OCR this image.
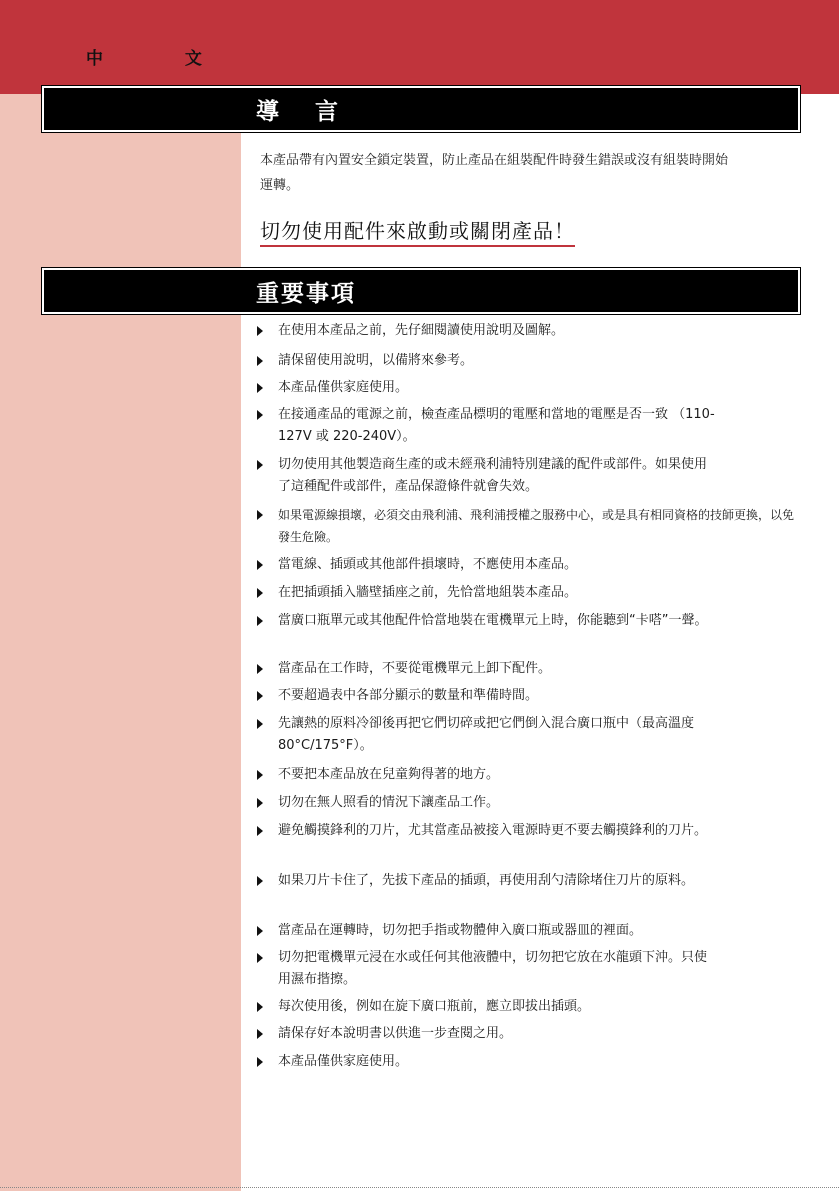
中 文
導 言

本產品帶有內置安全鎖定裝置，防止產品在組裝配件時發生錯誤或沒有組裝時開始運轉。

切勿使用配件來啟動或關閉產品！
重要事項
在使用本產品之前，先仔細閱讀使用說明及圖解。
請保留使用說明，以備將來參考。
本產品僅供家庭使用。
在接通產品的電源之前，檢查產品標明的電壓和當地的電壓是否一致 （110-127V 或 220-240V）。
切勿使用其他製造商生產的或未經飛利浦特別建議的配件或部件。如果使用了這種配件或部件，產品保證條件就會失效。
如果電源線損壞，必須交由飛利浦、飛利浦授權之服務中心，或是具有相同資格的技師更換，以免發生危險。
當電線、插頭或其他部件損壞時，不應使用本產品。
在把插頭插入牆壁插座之前，先恰當地組裝本產品。
當廣口瓶單元或其他配件恰當地裝在電機單元上時，你能聽到“卡嗒”一聲。
當產品在工作時，不要從電機單元上卸下配件。
不要超過表中各部分顯示的數量和準備時間。
先讓熱的原料冷卻後再把它們切碎或把它們倒入混合廣口瓶中（最高溫度 80°C/175°F）。
不要把本產品放在兒童夠得著的地方。
切勿在無人照看的情況下讓產品工作。
避免觸摸鋒利的刀片，尤其當產品被接入電源時更不要去觸摸鋒利的刀片。
如果刀片卡住了，先拔下產品的插頭，再使用刮勺清除堵住刀片的原料。
當產品在運轉時，切勿把手指或物體伸入廣口瓶或器皿的裡面。
切勿把電機單元浸在水或任何其他液體中，切勿把它放在水龍頭下沖。只使用濕布揩擦。
每次使用後，例如在旋下廣口瓶前，應立即拔出插頭。
請保存好本說明書以供進一步查閱之用。
本產品僅供家庭使用。
